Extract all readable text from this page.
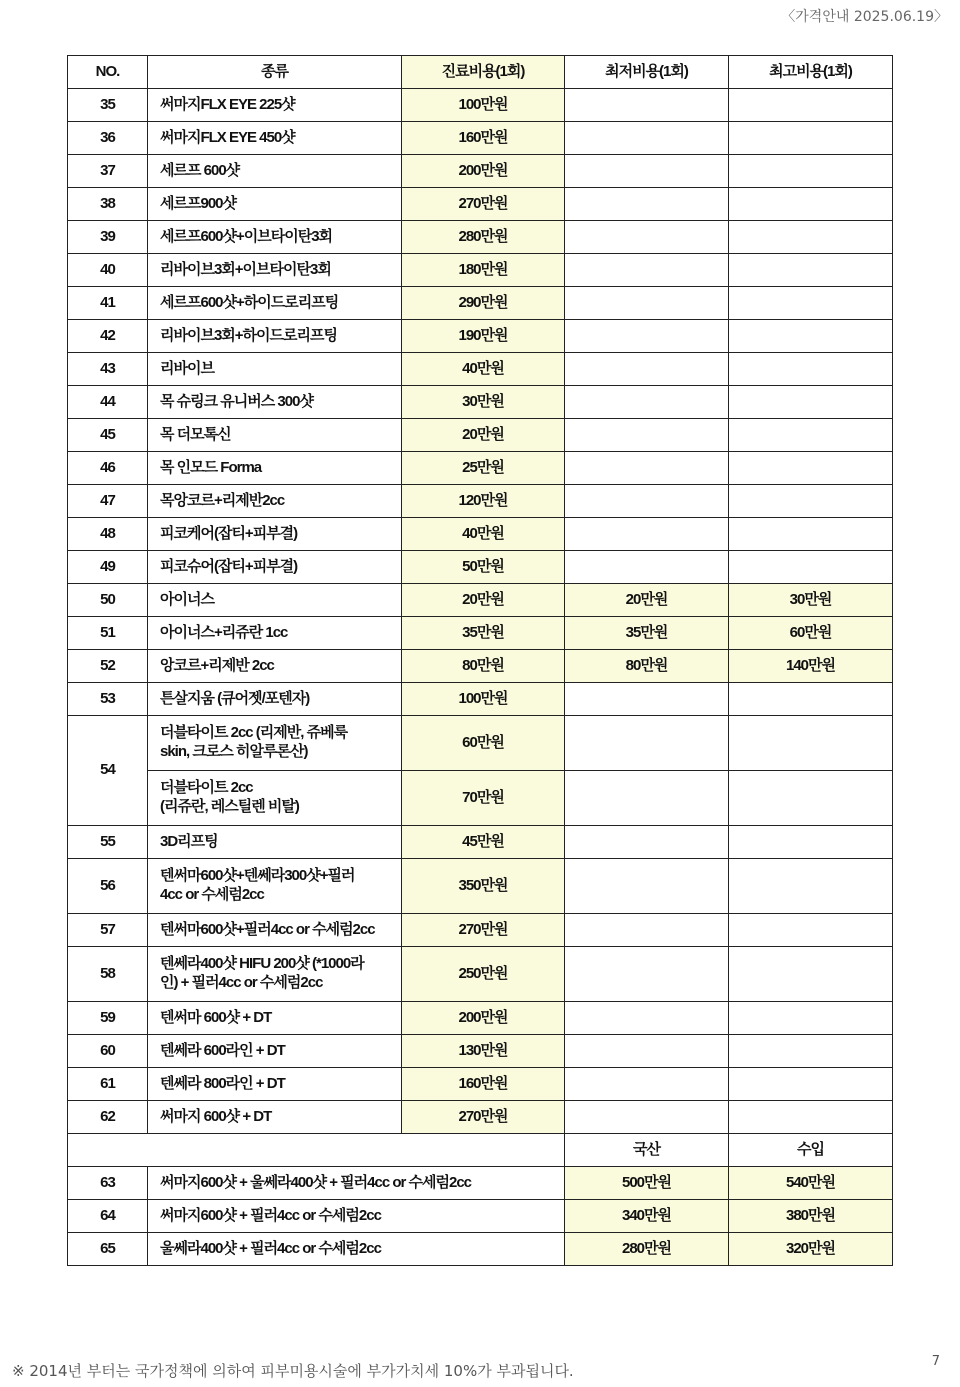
〈가격안내 2025.06.19〉
NO.	종류	진료비용(1회)	최저비용(1회)	최고비용(1회)
35	써마지FLX EYE 225샷	100만원		
36	써마지FLX EYE 450샷	160만원		
37	세르프 600샷	200만원		
38	세르프900샷	270만원		
39	세르프600샷+이브타이탄3회	280만원		
40	리바이브3회+이브타이탄3회	180만원		
41	세르프600샷+하이드로리프팅	290만원		
42	리바이브3회+하이드로리프팅	190만원		
43	리바이브	40만원		
44	목 슈링크 유니버스 300샷	30만원		
45	목 더모톡신	20만원		
46	목 인모드 Forma	25만원		
47	목앙코르+리제반2cc	120만원		
48	피코케어(잡티+피부결)	40만원		
49	피코슈어(잡티+피부결)	50만원		
50	아이너스	20만원	20만원	30만원
51	아이너스+리쥬란 1cc	35만원	35만원	60만원
52	앙코르+리제반 2cc	80만원	80만원	140만원
53	튼살지움 (큐어젯/포텐자)	100만원		
54	더블타이트 2cc (리제반, 쥬베룩
skin, 크로스 히알루론산)	60만원		

	더블타이트 2cc
(리쥬란, 레스틸렌 비탈)	70만원		
55	3D리프팅	45만원		
56	텐써마600샷+텐쎄라300샷+필러
4cc or 수세럼2cc	350만원		
57	텐써마600샷+필러4cc or 수세럼2cc	270만원		
58	텐쎄라400샷 HIFU 200샷 (*1000라
인) + 필러4cc or 수세럼2cc	250만원		
59	텐써마 600샷 + DT	200만원		
60	텐쎄라 600라인 + DT	130만원		
61	텐쎄라 800라인 + DT	160만원		
62	써마지 600샷 + DT	270만원		
			국산	수입
63	써마지600샷 + 울쎄라400샷 + 필러4cc or 수세럼2cc		500만원	540만원
64	써마지600샷 + 필러4cc or 수세럼2cc		340만원	380만원
65	울쎄라400샷 + 필러4cc or 수세럼2cc		280만원	320만원
※ 2014년 부터는 국가정책에 의하여 피부미용시술에 부가가치세 10%가 부과됩니다.
7
